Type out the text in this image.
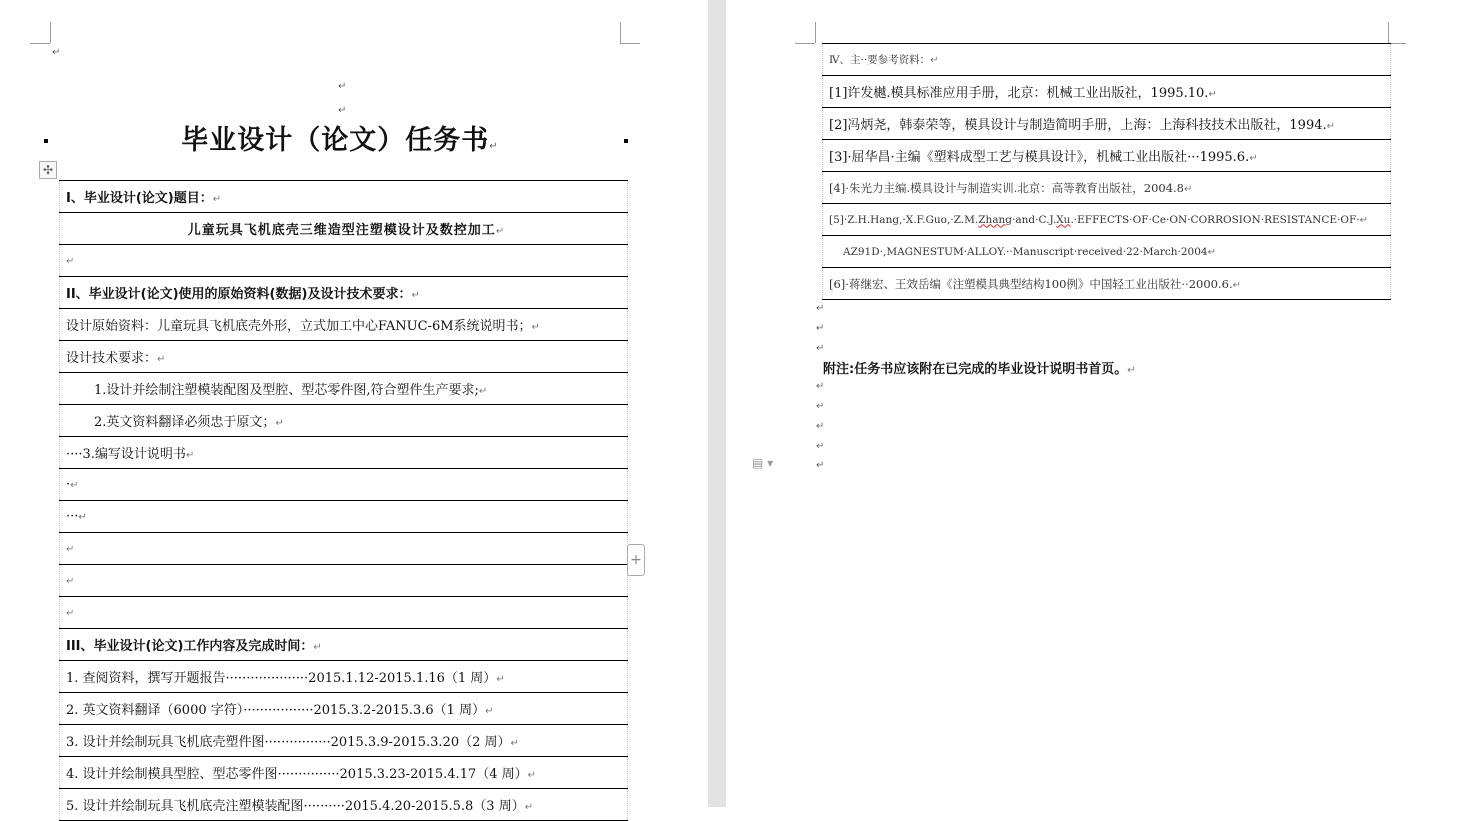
↵
↵
↵
毕业设计（论文）任务书↵
✣
I、毕业设计(论文)题目：↵
儿童玩具飞机底壳三维造型注塑模设计及数控加工↵
↵
II、毕业设计(论文)使用的原始资料(数据)及设计技术要求：↵
设计原始资料：儿童玩具飞机底壳外形，立式加工中心FANUC-6M系统说明书；↵
设计技术要求：↵
1.设计并绘制注塑模装配图及型腔、型芯零件图,符合塑件生产要求;↵
2.英文资料翻译必须忠于原文；↵
····3.编写设计说明书↵
·↵
···↵
↵
↵
↵
III、毕业设计(论文)工作内容及完成时间：↵
1. 查阅资料，撰写开题报告····················2015.1.12-2015.1.16（1 周）↵
2. 英文资料翻译（6000 字符）·················2015.3.2-2015.3.6（1 周）↵
3. 设计并绘制玩具飞机底壳塑件图················2015.3.9-2015.3.20（2 周）↵
4. 设计并绘制模具型腔、型芯零件图···············2015.3.23-2015.4.17（4 周）↵
5. 设计并绘制玩具飞机底壳注塑模装配图··········2015.4.20-2015.5.8（3 周）↵
+
Ⅳ、主··要参考资料：↵
[1]许发樾.模具标准应用手册，北京：机械工业出版社，1995.10.↵
[2]冯炳尧，韩泰荣等，模具设计与制造简明手册，上海：上海科技技术出版社，1994.↵
[3]·屈华昌·主编《塑料成型工艺与模具设计》，机械工业出版社···1995.6.↵
[4]·朱光力主编.模具设计与制造实训.北京：高等教育出版社，2004.8↵
[5]·Z.H.Hang,·X.F.Guo,·Z.M.Zhang·and·C.J.Xu.·EFFECTS·OF·Ce·ON·CORROSION·RESISTANCE·OF·↵
AZ91D·,MAGNESTUM·ALLOY.··Manuscript·received·22·March·2004↵
[6]·蒋继宏、王效岳编《注塑模具典型结构100例》中国轻工业出版社··2000.6.↵
↵
↵
↵
附注:任务书应该附在已完成的毕业设计说明书首页。↵
↵
↵
↵
↵
↵
▤ ▾
